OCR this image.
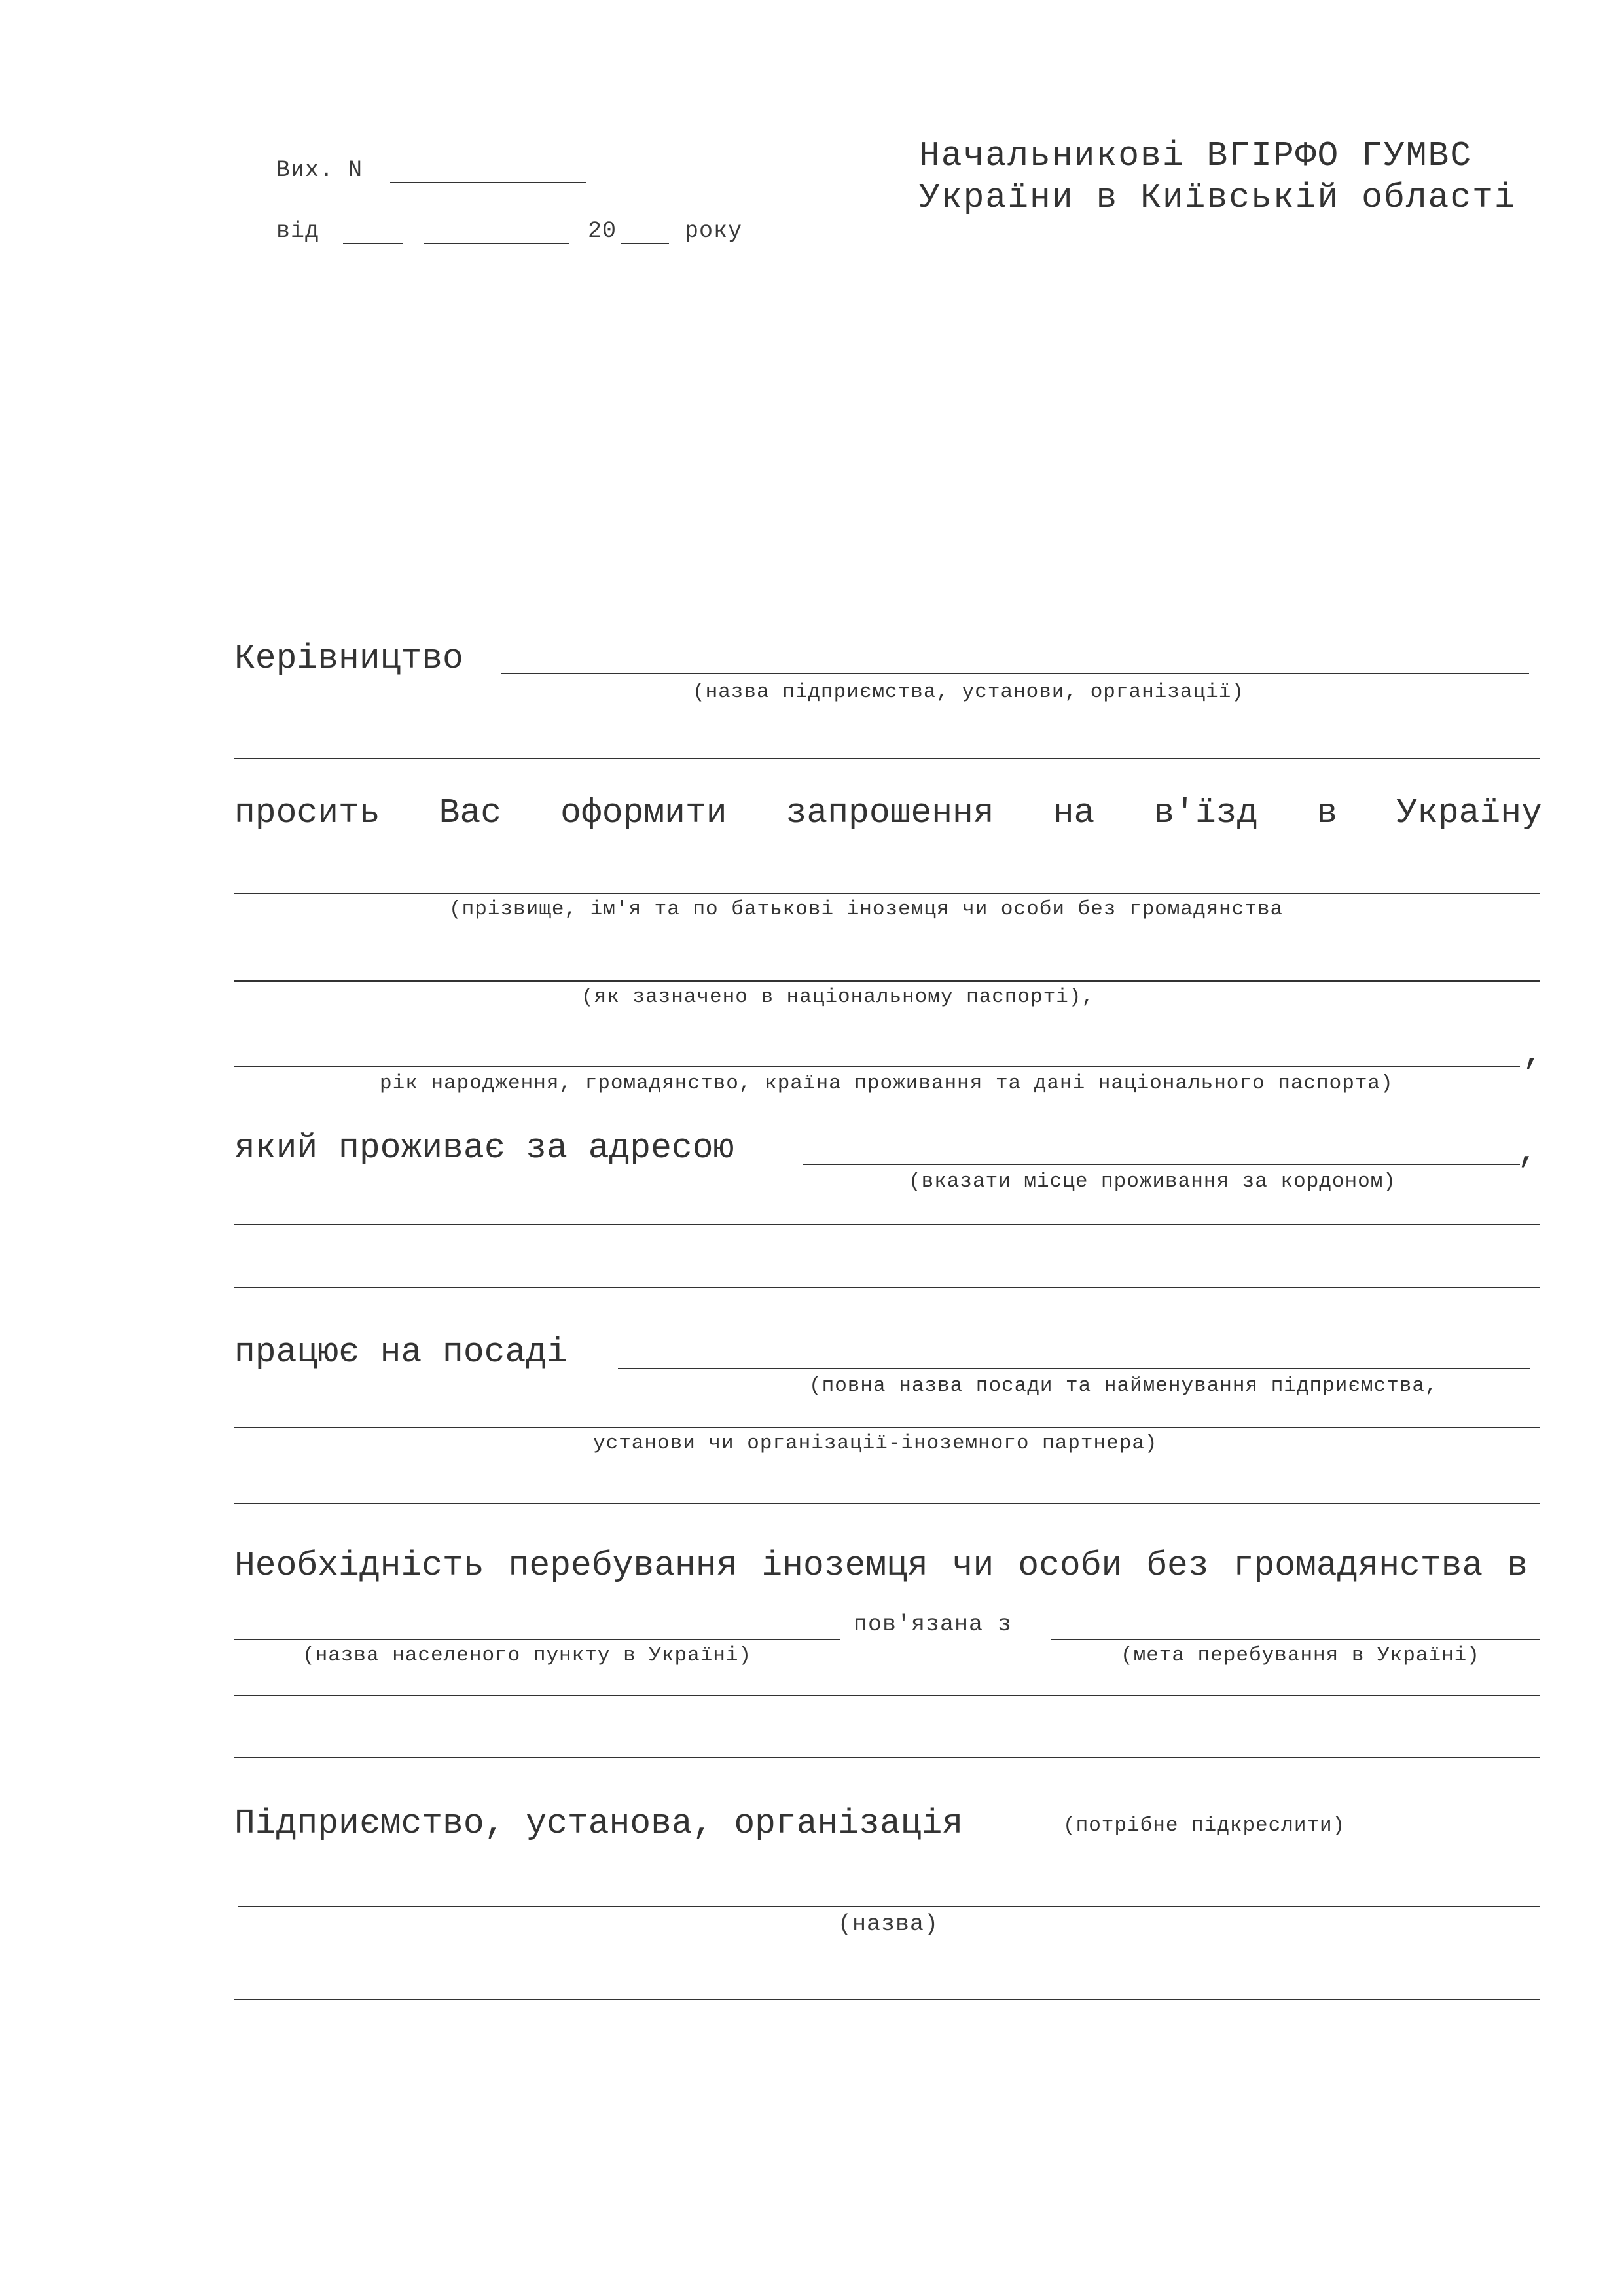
Вих. N
від	20	року
Начальникові ВГІРФО ГУМВС
України в Київській області
Керівництво
(назва підприємства, установи, організації)
просить Вас оформити запрошення на в'їзд в Україну
(прізвище, ім'я та по батькові іноземця чи особи без громадянства
(як зазначено в національному паспорті),
,
рік народження, громадянство, країна проживання та дані національного паспорта)
який проживає за адресою	,
(вказати місце проживання за кордоном)
працює на посаді
(повна назва посади та найменування підприємства,
установи чи організації-іноземного партнера)
Необхідність перебування іноземця чи особи без громадянства в
пов'язана з
(назва населеного пункту в Україні)	(мета перебування в Україні)
Підприємство, установа, організація	(потрібне підкреслити)
(назва)
